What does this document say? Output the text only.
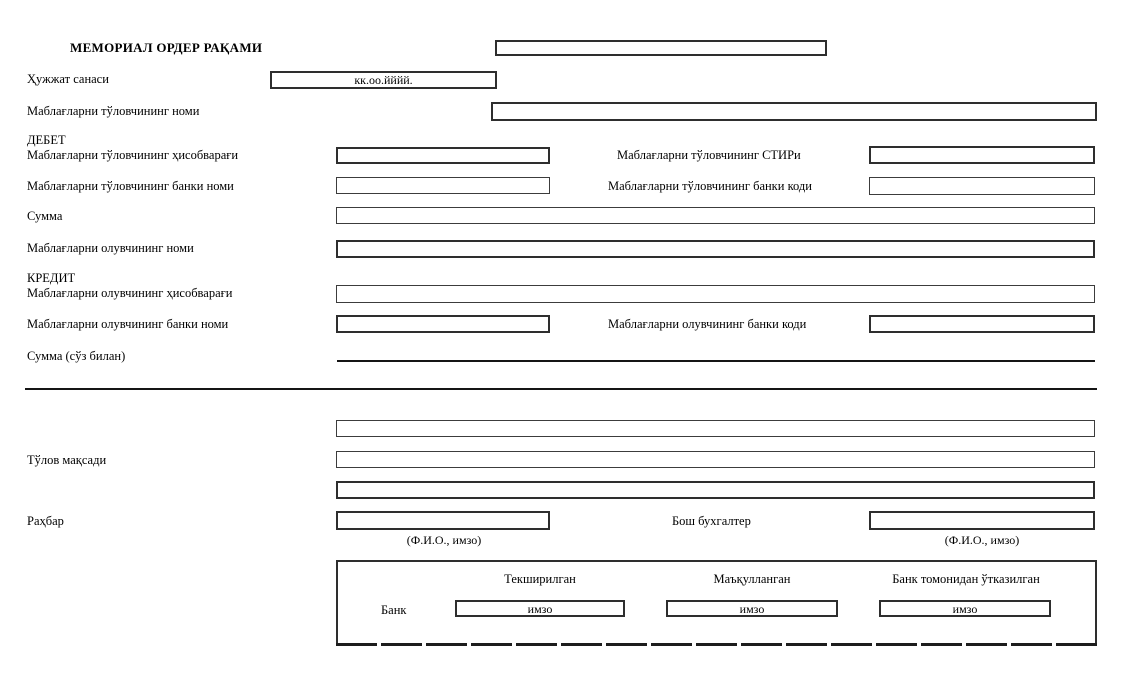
МЕМОРИАЛ ОРДЕР РАҚАМИ
Ҳужжат санаси	кк.оо.йййй.
Маблағларни тўловчининг номи
ДЕБЕТ
Маблағларни тўловчининг ҳисобварағи	Маблағларни тўловчининг СТИРи
Маблағларни тўловчининг банки номи	Маблағларни тўловчининг банки коди
Сумма
Маблағларни олувчининг номи
КРЕДИТ
Маблағларни олувчининг ҳисобварағи
Маблағларни олувчининг банки номи	Маблағларни олувчининг банки коди
Сумма (сўз билан)
Тўлов мақсади
Раҳбар
(Ф.И.О., имзо)
Бош бухгалтер
(Ф.И.О., имзо)
Текширилган	Маъқулланган	Банк томонидан ўтказилган
Банк	имзо	имзо	имзо
